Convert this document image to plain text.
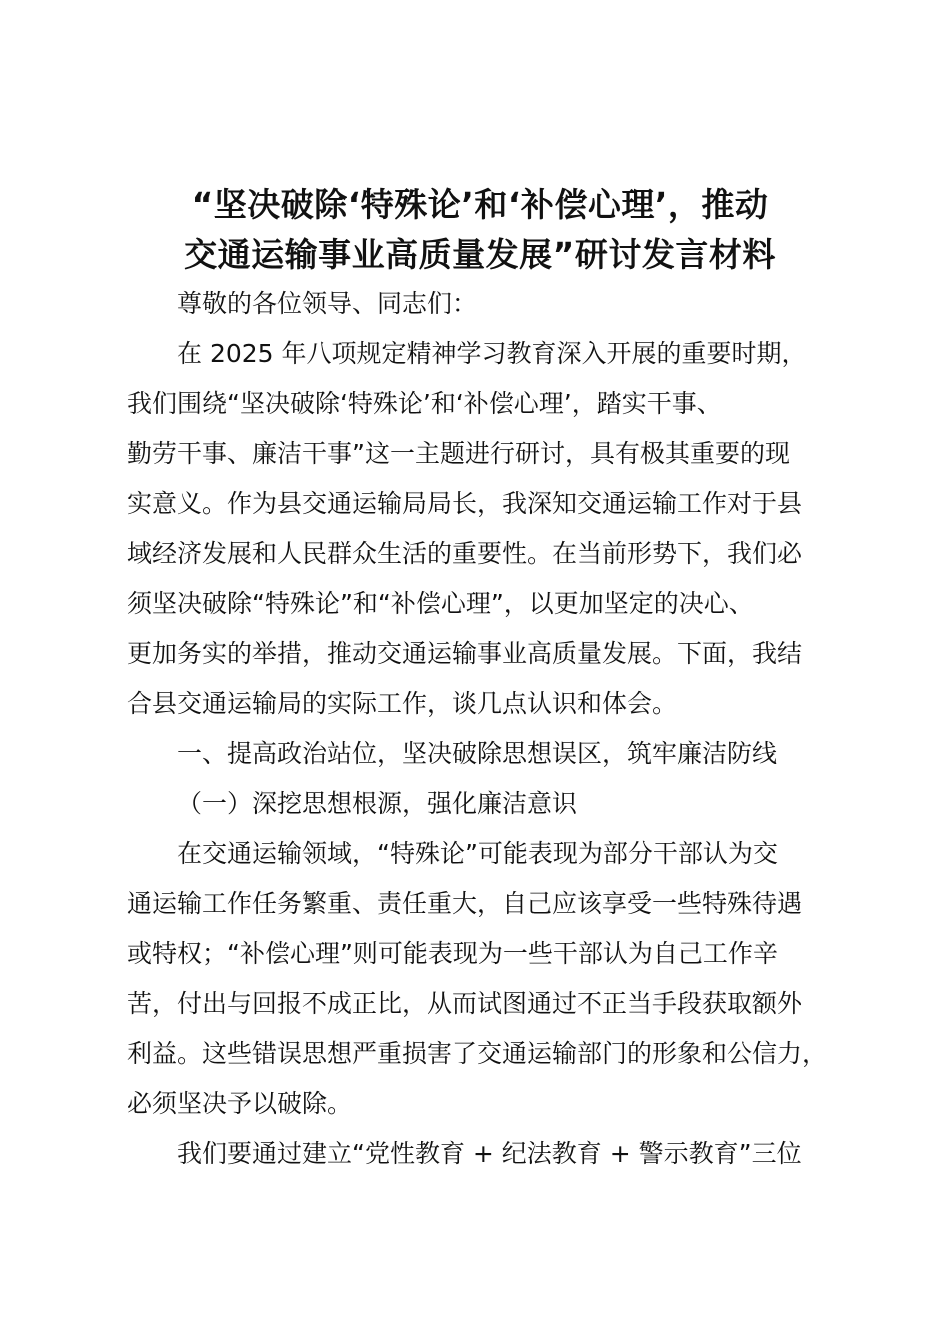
“坚决破除‘特殊论’和‘补偿心理’，推动
交通运输事业高质量发展”研讨发言材料
尊敬的各位领导、同志们：
在 2025 年八项规定精神学习教育深入开展的重要时期，
我们围绕“坚决破除‘特殊论’和‘补偿心理’，踏实干事、
勤劳干事、廉洁干事”这一主题进行研讨，具有极其重要的现
实意义。作为县交通运输局局长，我深知交通运输工作对于县
域经济发展和人民群众生活的重要性。在当前形势下，我们必
须坚决破除“特殊论”和“补偿心理”，以更加坚定的决心、
更加务实的举措，推动交通运输事业高质量发展。下面，我结
合县交通运输局的实际工作，谈几点认识和体会。
一、提高政治站位，坚决破除思想误区，筑牢廉洁防线
（一）深挖思想根源，强化廉洁意识
在交通运输领域，“特殊论”可能表现为部分干部认为交
通运输工作任务繁重、责任重大，自己应该享受一些特殊待遇
或特权；“补偿心理”则可能表现为一些干部认为自己工作辛
苦，付出与回报不成正比，从而试图通过不正当手段获取额外
利益。这些错误思想严重损害了交通运输部门的形象和公信力，
必须坚决予以破除。
我们要通过建立“党性教育 + 纪法教育 + 警示教育”三位
